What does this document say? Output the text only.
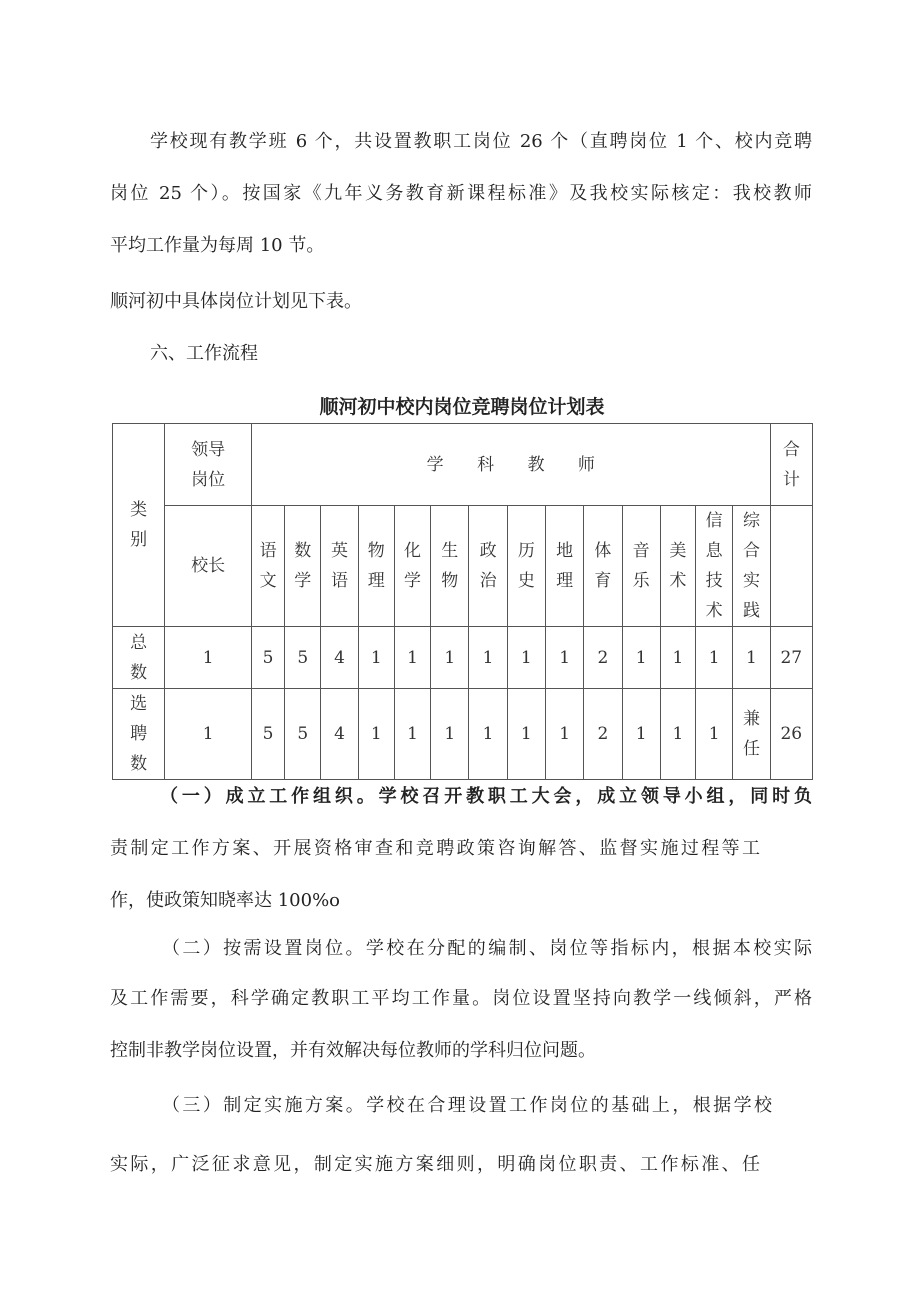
学校现有教学班 6 个，共设置教职工岗位 26 个（直聘岗位 1 个、校内竞聘
岗位 25 个）。按国家《九年义务教育新课程标准》及我校实际核定：我校教师
平均工作量为每周 10 节。
顺河初中具体岗位计划见下表。
六、工作流程
顺河初中校内岗位竞聘岗位计划表
类别	领导岗位	学 科 教 师														合计

	校长	语文	数学	英语	物理	化学	生物	政治	历史	地理	体育	音乐	美术	信息技术	综合实践	

总数	1	5	5	4	1	1	1	1	1	1	2	1	1	1	1	27

选聘数	1	5	5	4	1	1	1	1	1	1	2	1	1	1	兼任	26
（一）成立工作组织。学校召开教职工大会，成立领导小组，同时负
责制定工作方案、开展资格审查和竞聘政策咨询解答、监督实施过程等工
作，使政策知晓率达 100%o
（二）按需设置岗位。学校在分配的编制、岗位等指标内，根据本校实际
及工作需要，科学确定教职工平均工作量。岗位设置坚持向教学一线倾斜，严格
控制非教学岗位设置，并有效解决每位教师的学科归位问题。
（三）制定实施方案。学校在合理设置工作岗位的基础上，根据学校
实际，广泛征求意见，制定实施方案细则，明确岗位职责、工作标准、任
